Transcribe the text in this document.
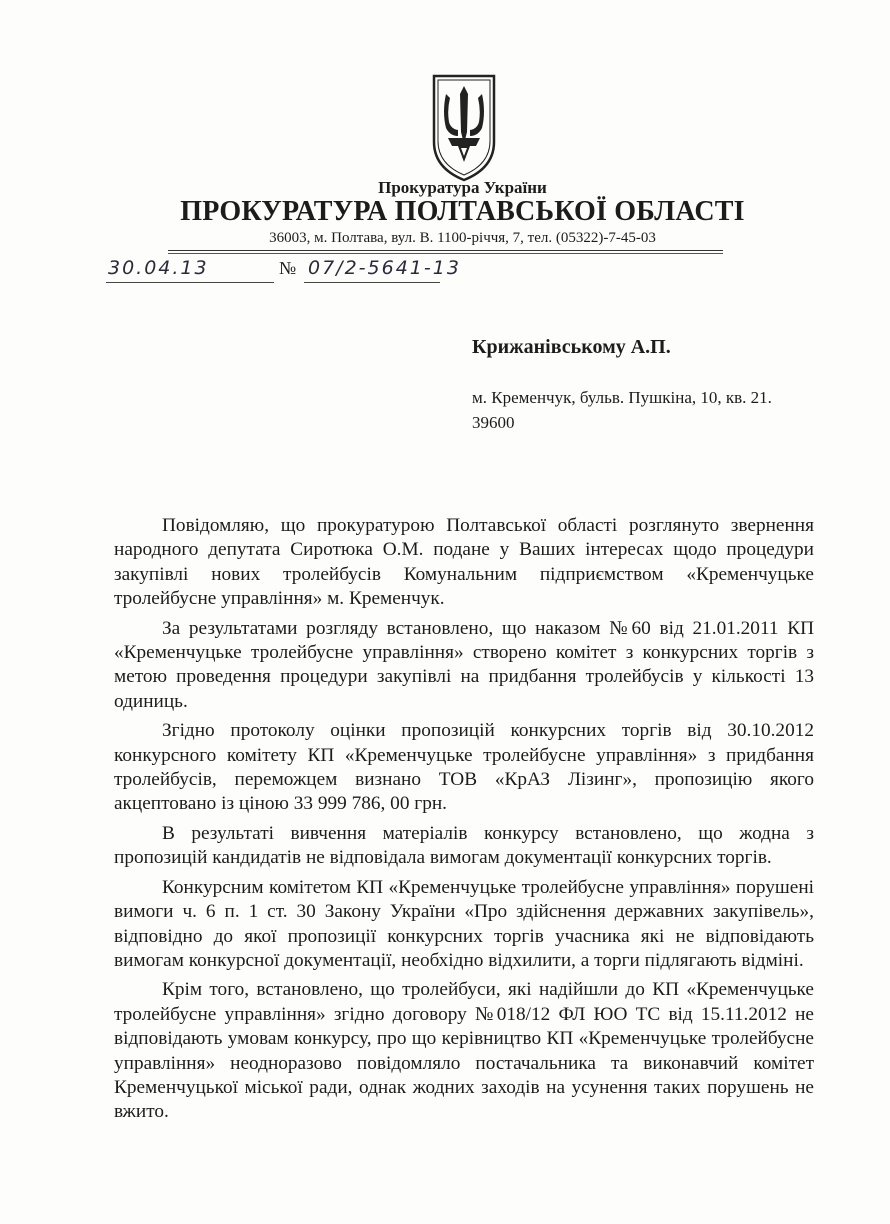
Прокуратура України
ПРОКУРАТУРА ПОЛТАВСЬКОЇ ОБЛАСТІ
36003, м. Полтава, вул. В. 1100-річчя, 7, тел. (05322)-7-45-03
30.04.13	№ 07/2-5641-13
Крижанівському А.П.
м. Кременчук, бульв. Пушкіна, 10, кв. 21.
39600

Повідомляю, що прокуратурою Полтавської області розглянуто звернення народного депутата Сиротюка О.М. подане у Ваших інтересах щодо процедури закупівлі нових тролейбусів Комунальним підприємством «Кременчуцьке тролейбусне управління» м. Кременчук.

За результатами розгляду встановлено, що наказом №60 від 21.01.2011 КП «Кременчуцьке тролейбусне управління» створено комітет з конкурсних торгів з метою проведення процедури закупівлі на придбання тролейбусів у кількості 13 одиниць.

Згідно протоколу оцінки пропозицій конкурсних торгів від 30.10.2012 конкурсного комітету КП «Кременчуцьке тролейбусне управління» з придбання тролейбусів, переможцем визнано ТОВ «КрАЗ Лізинг», пропозицію якого акцептовано із ціною 33 999 786, 00 грн.

В результаті вивчення матеріалів конкурсу встановлено, що жодна з пропозицій кандидатів не відповідала вимогам документації конкурсних торгів.

Конкурсним комітетом КП «Кременчуцьке тролейбусне управління» порушені вимоги ч. 6 п. 1 ст. 30 Закону України «Про здійснення державних закупівель», відповідно до якої пропозиції конкурсних торгів учасника які не відповідають вимогам конкурсної документації, необхідно відхилити, а торги підлягають відміні.

Крім того, встановлено, що тролейбуси, які надійшли до КП «Кременчуцьке тролейбусне управління» згідно договору №018/12 ФЛ ЮО ТС від 15.11.2012 не відповідають умовам конкурсу, про що керівництво КП «Кременчуцьке тролейбусне управління» неодноразово повідомляло постачальника та виконавчий комітет Кременчуцької міської ради, однак жодних заходів на усунення таких порушень не вжито.
